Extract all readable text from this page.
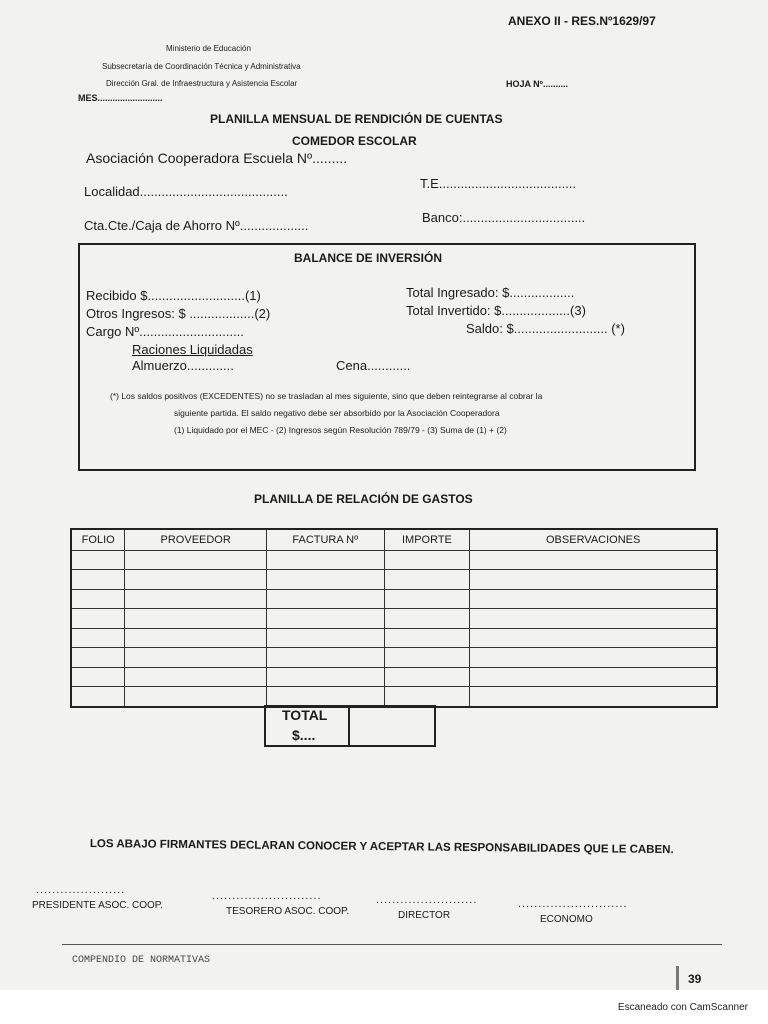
ANEXO II - RES.Nº1629/97
Ministerio de Educación
Subsecretaría de Coordinación Técnica y Administrativa
Dirección Gral. de Infraestructura y Asistencia Escolar
MES..........................
HOJA Nº..........
PLANILLA MENSUAL DE RENDICIÓN DE CUENTAS
COMEDOR ESCOLAR
Asociación Cooperadora Escuela Nº.........
Localidad.........................................
T.E......................................
Cta.Cte./Caja de Ahorro Nº...................
Banco:..................................
BALANCE DE INVERSIÓN
Recibido $...........................(1)
Otros Ingresos: $ ..................(2)
Cargo Nº.............................
Total Ingresado: $..................
Total Invertido: $...................(3)
Saldo: $.......................... (*)
Raciones Liquidadas
Almuerzo.............	Cena............
(*) Los saldos positivos (EXCEDENTES) no se trasladan al mes siguiente, sino que deben reintegrarse al cobrar la
siguiente partida. El saldo negativo debe ser absorbido por la Asociación Cooperadora
(1) Liquidado por el MEC - (2) Ingresos según Resolución 789/79 - (3) Suma de (1) + (2)
PLANILLA DE RELACIÓN DE GASTOS
FOLIO	PROVEEDOR	FACTURA Nº	IMPORTE	OBSERVACIONES

TOTAL
$....
LOS ABAJO FIRMANTES DECLARAN CONOCER Y ACEPTAR LAS RESPONSABILIDADES QUE LE CABEN.
......................
PRESIDENTE ASOC. COOP.
...........................
TESORERO ASOC. COOP.
.........................
DIRECTOR
...........................
ECONOMO
COMPENDIO DE NORMATIVAS
39
Escaneado con CamScanner
